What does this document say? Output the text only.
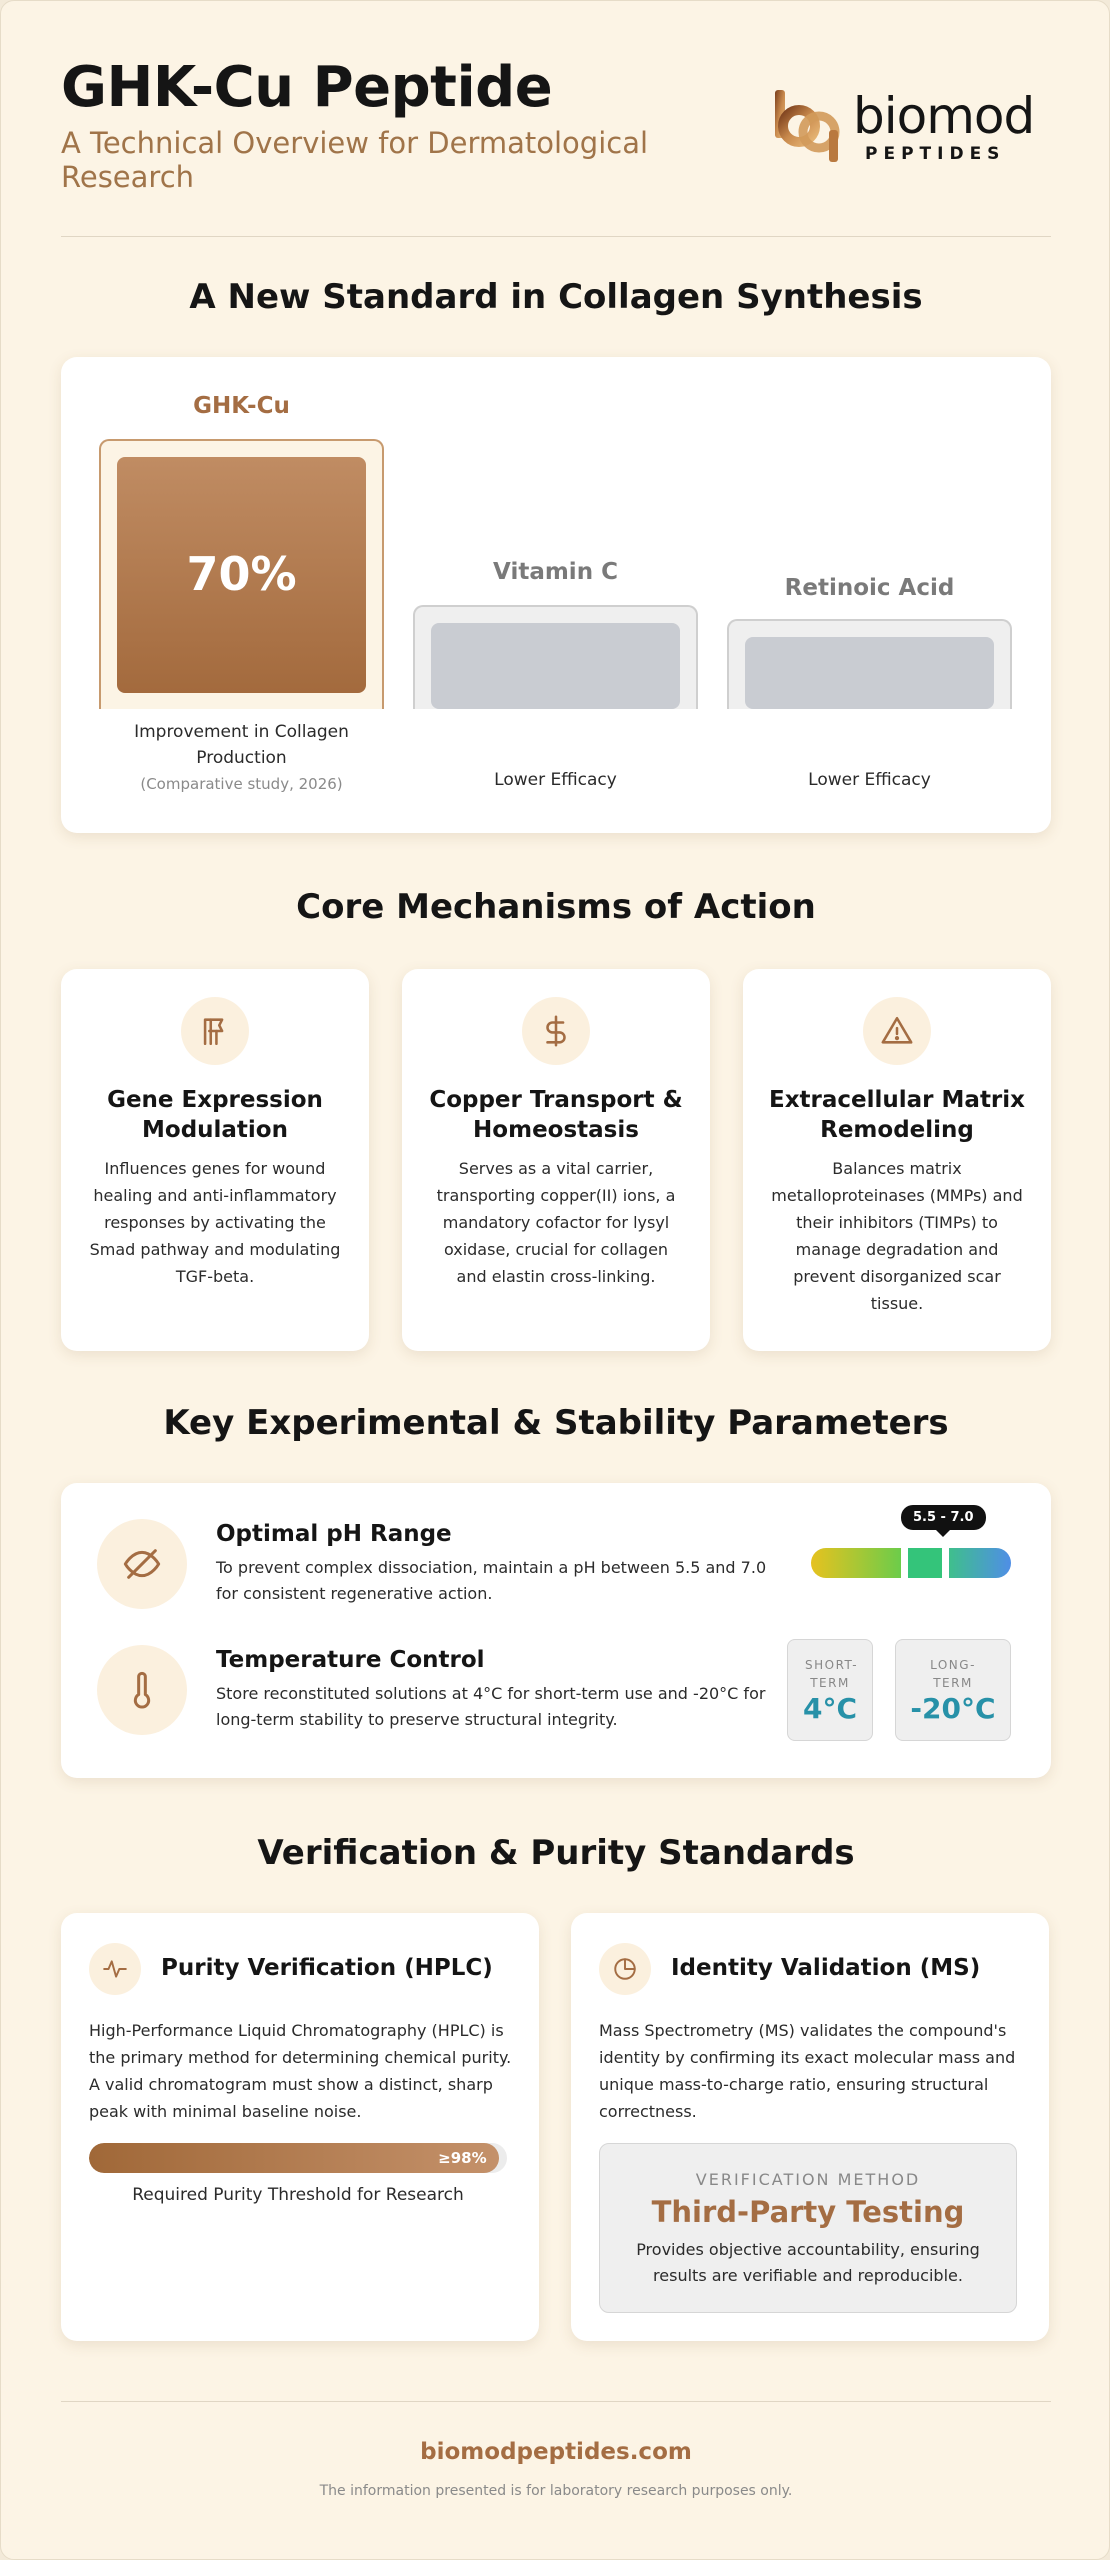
GHK-Cu Peptide
A Technical Overview for Dermatological Research
biomod
PEPTIDES
A New Standard in Collagen Synthesis
GHK-Cu
70%
Improvement in Collagen Production
(Comparative study, 2026)
Vitamin C
Lower Efficacy
Retinoic Acid
Lower Efficacy
Core Mechanisms of Action
Gene Expression Modulation
Influences genes for wound healing and anti-inflammatory responses by activating the Smad pathway and modulating TGF-beta.
Copper Transport & Homeostasis
Serves as a vital carrier, transporting copper(II) ions, a mandatory cofactor for lysyl oxidase, crucial for collagen and elastin cross-linking.
Extracellular Matrix Remodeling
Balances matrix metalloproteinases (MMPs) and their inhibitors (TIMPs) to manage degradation and prevent disorganized scar tissue.
Key Experimental & Stability Parameters
Optimal pH Range
To prevent complex dissociation, maintain a pH between 5.5 and 7.0 for consistent regenerative action.
5.5 - 7.0
Temperature Control
Store reconstituted solutions at 4°C for short-term use and -20°C for long-term stability to preserve structural integrity.
SHORT-TERM
4°C
LONG-TERM
-20°C
Verification & Purity Standards
Purity Verification (HPLC)
High-Performance Liquid Chromatography (HPLC) is the primary method for determining chemical purity. A valid chromatogram must show a distinct, sharp peak with minimal baseline noise.
≥98%
Required Purity Threshold for Research
Identity Validation (MS)
Mass Spectrometry (MS) validates the compound's identity by confirming its exact molecular mass and unique mass-to-charge ratio, ensuring structural correctness.
VERIFICATION METHOD
Third-Party Testing
Provides objective accountability, ensuring results are verifiable and reproducible.
biomodpeptides.com
The information presented is for laboratory research purposes only.
